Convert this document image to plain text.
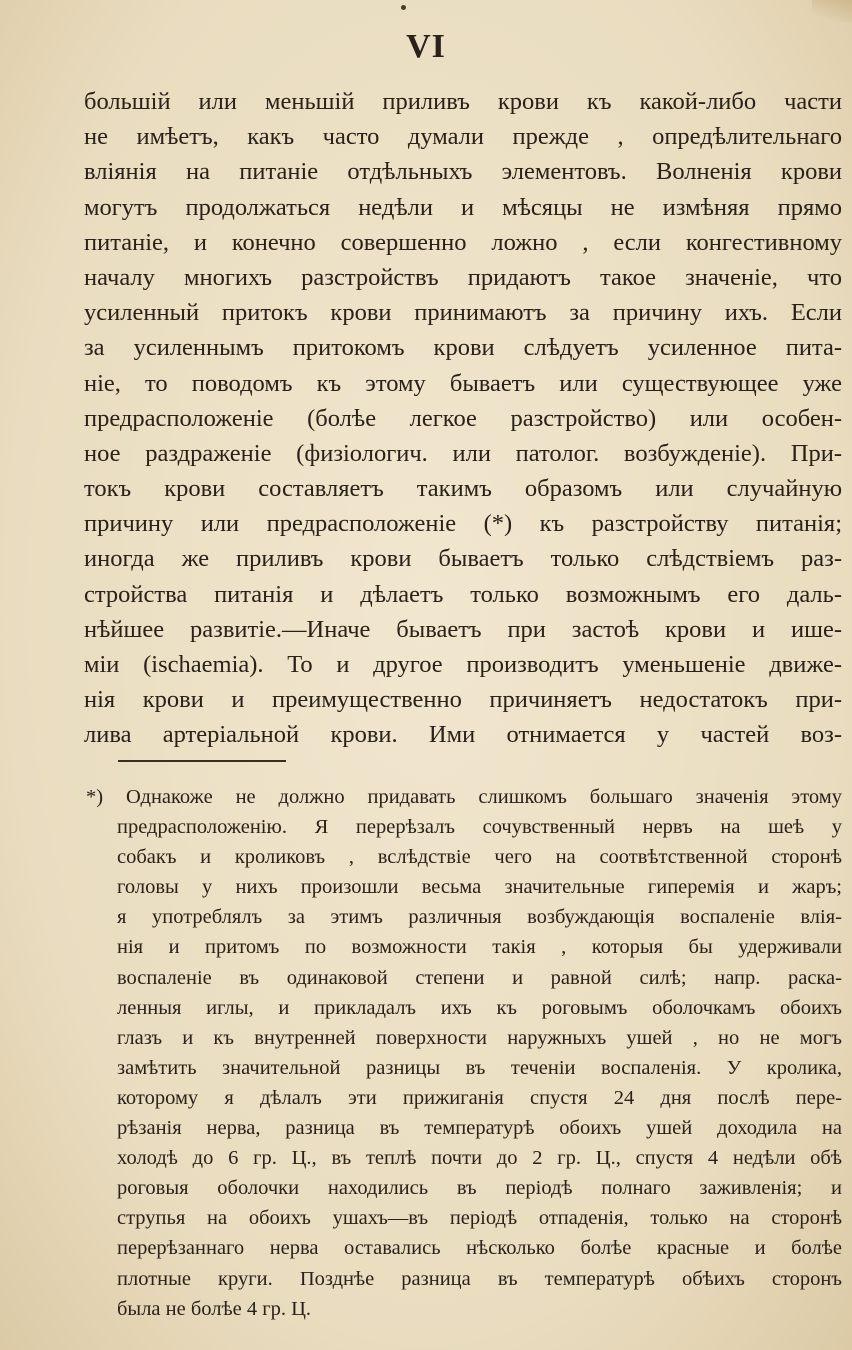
VI
большій или меньшій приливъ крови къ какой-либо части
не имѣетъ, какъ часто думали прежде , опредѣлительнаго
вліянія на питаніе отдѣльныхъ элементовъ. Волненія крови
могутъ продолжаться недѣли и мѣсяцы не измѣняя прямо
питаніе, и конечно совершенно ложно , если конгестивному
началу многихъ разстройствъ придаютъ такое значеніе, что
усиленный притокъ крови принимаютъ за причину ихъ. Если
за усиленнымъ притокомъ крови слѣдуетъ усиленное пита-
ніе, то поводомъ къ этому бываетъ или существующее уже
предрасположеніе (болѣе легкое разстройство) или особен-
ное раздраженіе (физіологич. или патолог. возбужденіе). При-
токъ крови составляетъ такимъ образомъ или случайную
причину или предрасположеніе (*) къ разстройству питанія;
иногда же приливъ крови бываетъ только слѣдствіемъ раз-
стройства питанія и дѣлаетъ только возможнымъ его даль-
нѣйшее развитіе.—Иначе бываетъ при застоѣ крови и ише-
міи (ischaemia). То и другое производитъ уменьшеніе движе-
нія крови и преимущественно причиняетъ недостатокъ при-
лива артеріальной крови. Ими отнимается у частей воз-
*) Однакоже не должно придавать слишкомъ большаго значенія этому
предрасположенію. Я перерѣзалъ сочувственный нервъ на шеѣ у
собакъ и кроликовъ , вслѣдствіе чего на соотвѣтственной сторонѣ
головы у нихъ произошли весьма значительные гиперемія и жаръ;
я употреблялъ за этимъ различныя возбуждающія воспаленіе влія-
нія и притомъ по возможности такія , которыя бы удерживали
воспаленіе въ одинаковой степени и равной силѣ; напр. раска-
ленныя иглы, и прикладалъ ихъ къ роговымъ оболочкамъ обоихъ
глазъ и къ внутренней поверхности наружныхъ ушей , но не могъ
замѣтить значительной разницы въ теченіи воспаленія. У кролика,
которому я дѣлалъ эти прижиганія спустя 24 дня послѣ пере-
рѣзанія нерва, разница въ температурѣ обоихъ ушей доходила на
холодѣ до 6 гр. Ц., въ теплѣ почти до 2 гр. Ц., спустя 4 недѣли обѣ
роговыя оболочки находились въ періодѣ полнаго заживленія; и
струпья на обоихъ ушахъ—въ періодѣ отпаденія, только на сторонѣ
перерѣзаннаго нерва оставались нѣсколько болѣе красные и болѣе
плотные круги. Позднѣе разница въ температурѣ обѣихъ сторонъ
была не болѣе 4 гр. Ц.
